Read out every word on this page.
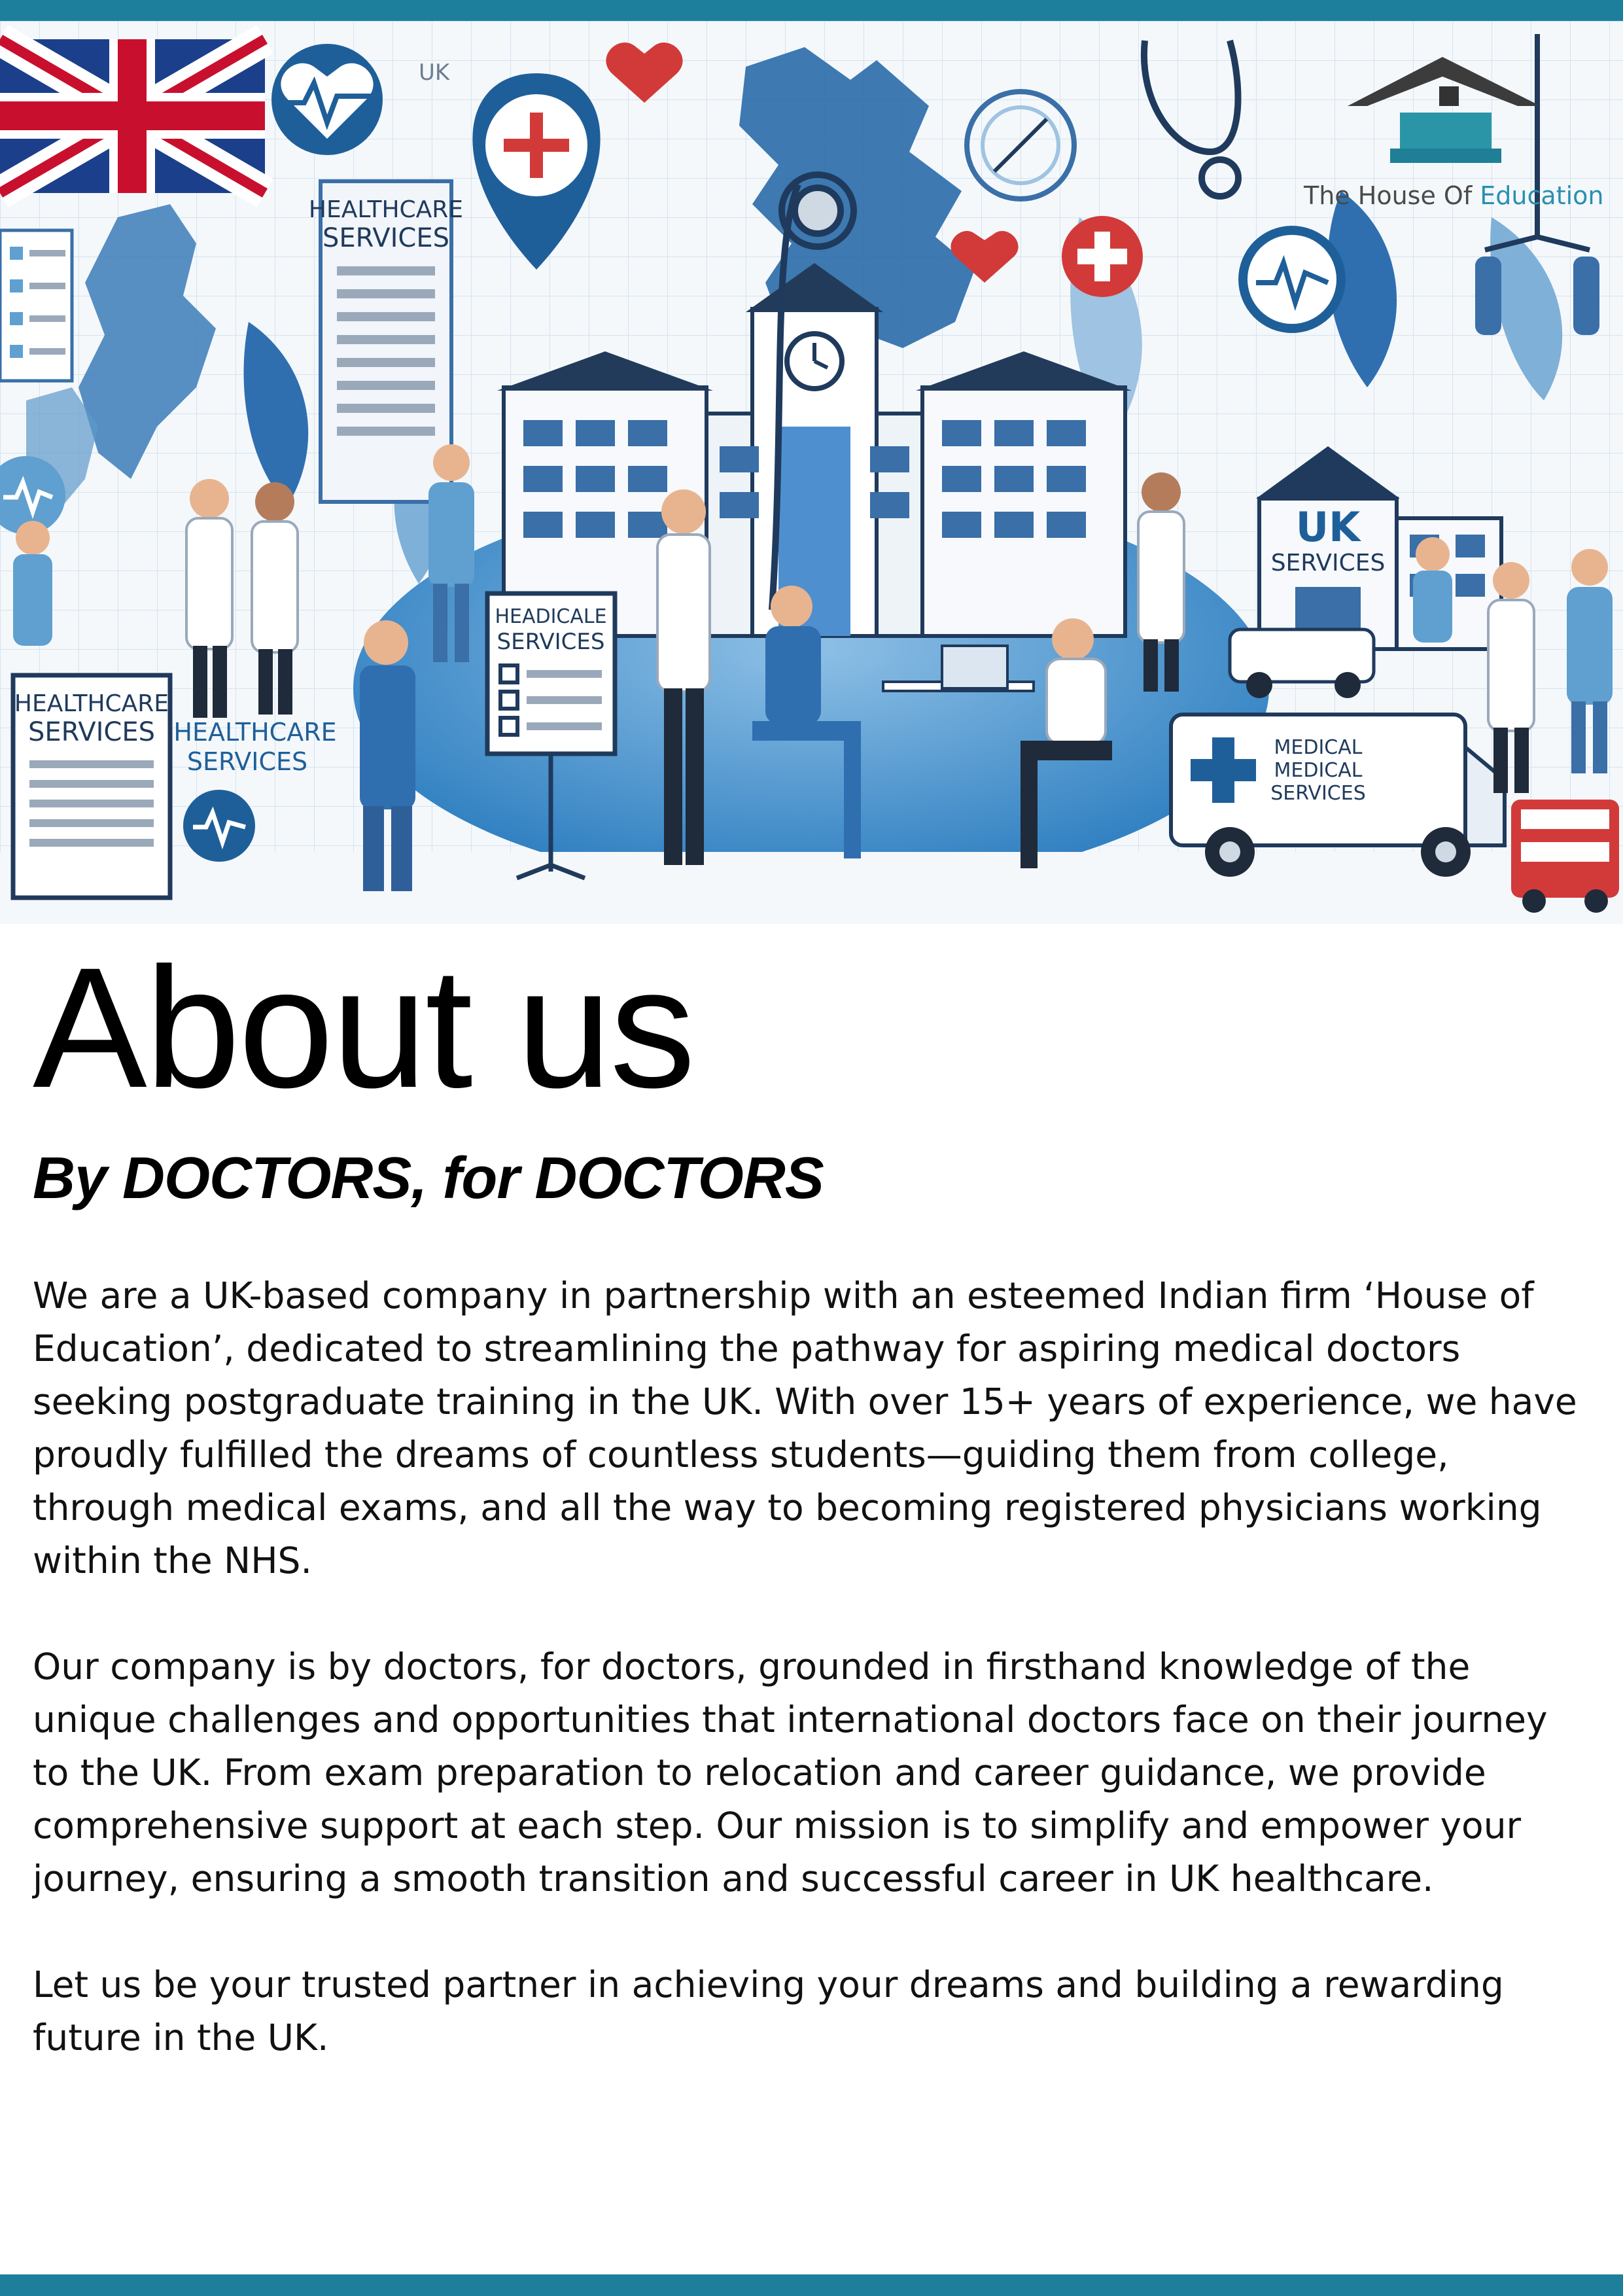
UK
HEALTHCARE
SERVICES
HEALTHCARE
SERVICES HEALTHCARE
SERVICES
HEADICALE
SERVICES
UK
SERVICES
MEDICAL
MEDICAL
SERVICES
The House Of Education
About us
By DOCTORS, for DOCTORS

We are a UK-based company in partnership with an esteemed Indian firm ‘House of Education’, dedicated to streamlining the pathway for aspiring medical doctors seeking postgraduate training in the UK. With over 15+ years of experience, we have proudly fulfilled the dreams of countless students—guiding them from college, through medical exams, and all the way to becoming registered physicians working within the NHS.

Our company is by doctors, for doctors, grounded in firsthand knowledge of the unique challenges and opportunities that international doctors face on their journey to the UK. From exam preparation to relocation and career guidance, we provide comprehensive support at each step. Our mission is to simplify and empower your journey, ensuring a smooth transition and successful career in UK healthcare.

Let us be your trusted partner in achieving your dreams and building a rewarding future in the UK.
